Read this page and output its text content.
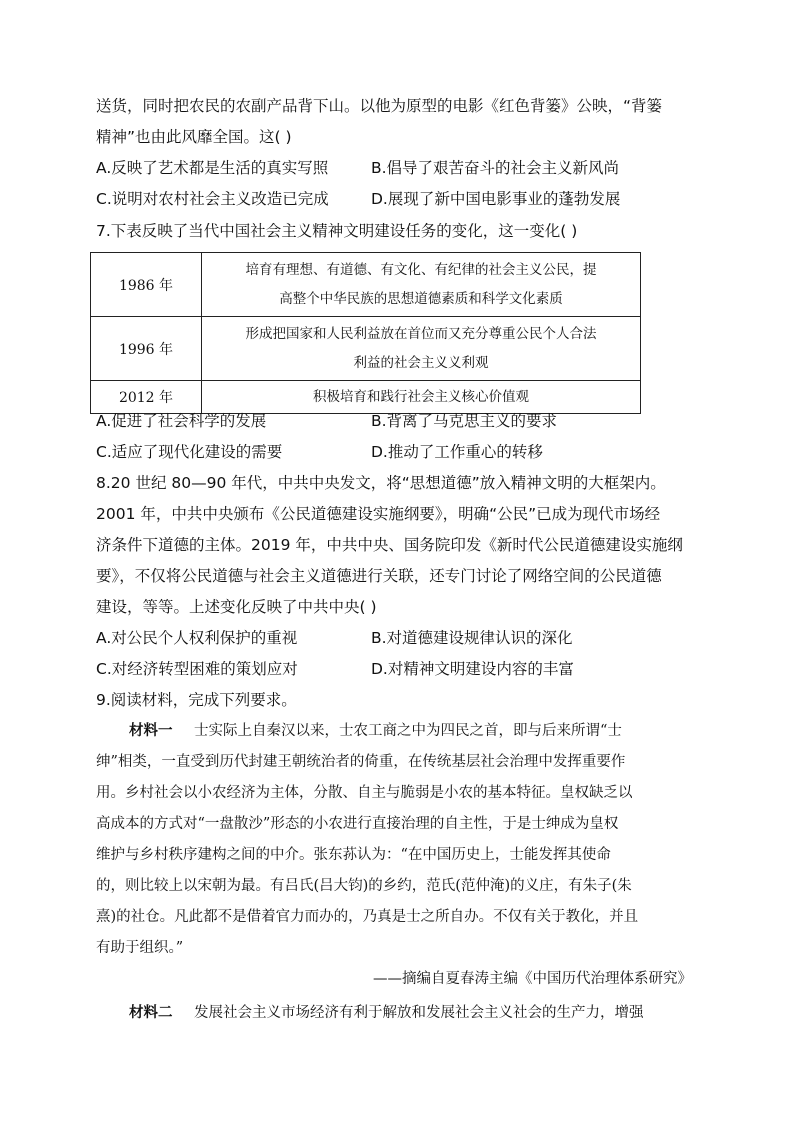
送货，同时把农民的农副产品背下山。以他为原型的电影《红色背篓》公映，“背篓
精神”也由此风靡全国。这( )
A.反映了艺术都是生活的真实写照	B.倡导了艰苦奋斗的社会主义新风尚
C.说明对农村社会主义改造已完成	D.展现了新中国电影事业的蓬勃发展
7.下表反映了当代中国社会主义精神文明建设任务的变化，这一变化( )
1986 年	培育有理想、有道德、有文化、有纪律的社会主义公民，提
高整个中华民族的思想道德素质和科学文化素质

1996 年	形成把国家和人民利益放在首位而又充分尊重公民个人合法
利益的社会主义义利观

2012 年	积极培育和践行社会主义核心价值观
A.促进了社会科学的发展	B.背离了马克思主义的要求
C.适应了现代化建设的需要	D.推动了工作重心的转移
8.20 世纪 80—90 年代，中共中央发文，将“思想道德”放入精神文明的大框架内。
2001 年，中共中央颁布《公民道德建设实施纲要》，明确“公民”已成为现代市场经
济条件下道德的主体。2019 年，中共中央、国务院印发《新时代公民道德建设实施纲
要》，不仅将公民道德与社会主义道德进行关联，还专门讨论了网络空间的公民道德
建设，等等。上述变化反映了中共中央( )
A.对公民个人权利保护的重视	B.对道德建设规律认识的深化
C.对经济转型困难的策划应对	D.对精神文明建设内容的丰富
9.阅读材料，完成下列要求。
材料一 士实际上自秦汉以来，士农工商之中为四民之首，即与后来所谓“士
绅”相类，一直受到历代封建王朝统治者的倚重，在传统基层社会治理中发挥重要作
用。乡村社会以小农经济为主体，分散、自主与脆弱是小农的基本特征。皇权缺乏以
高成本的方式对“一盘散沙”形态的小农进行直接治理的自主性，于是士绅成为皇权
维护与乡村秩序建构之间的中介。张东荪认为：“在中国历史上，士能发挥其使命
的，则比较上以宋朝为最。有吕氏(吕大钧)的乡约，范氏(范仲淹)的义庄，有朱子(朱
熹)的社仓。凡此都不是借着官力而办的，乃真是士之所自办。不仅有关于教化，并且
有助于组织。”
——摘编自夏春涛主编《中国历代治理体系研究》
材料二 发展社会主义市场经济有利于解放和发展社会主义社会的生产力，增强
